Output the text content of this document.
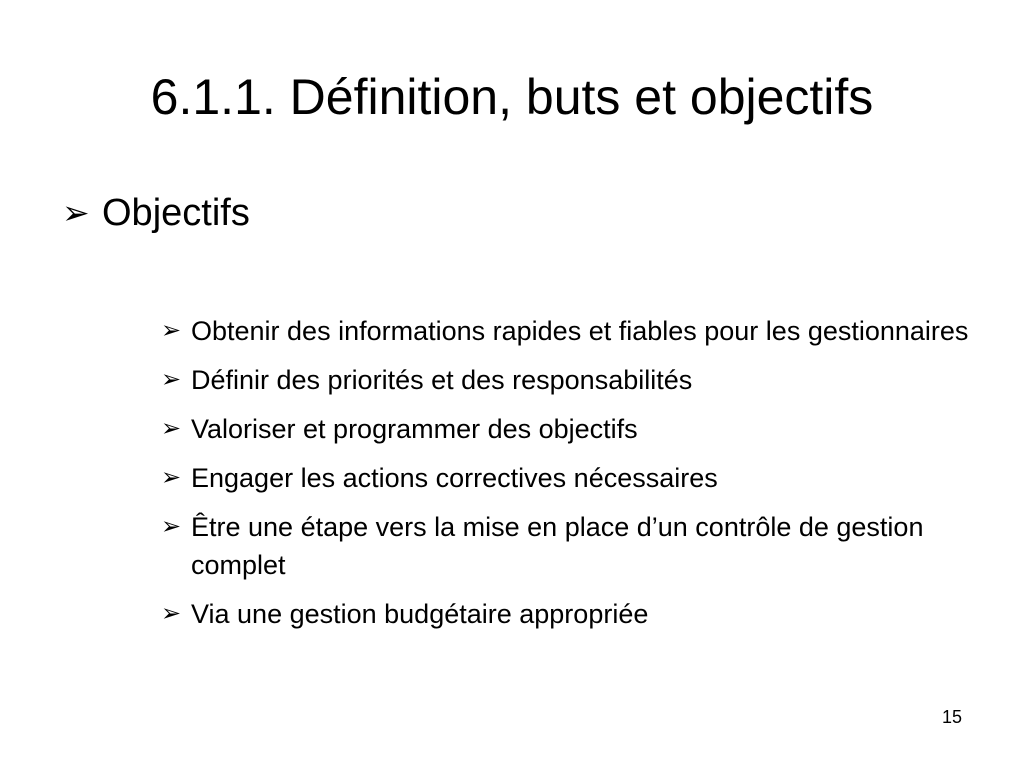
6.1.1. Définition, buts et objectifs
➢ Objectifs
➢ Obtenir des informations rapides et fiables pour les gestionnaires
➢ Définir des priorités et des responsabilités
➢ Valoriser et programmer des objectifs
➢ Engager les actions correctives nécessaires
➢ Être une étape vers la mise en place d’un contrôle de gestion complet
➢ Via une gestion budgétaire appropriée
15
